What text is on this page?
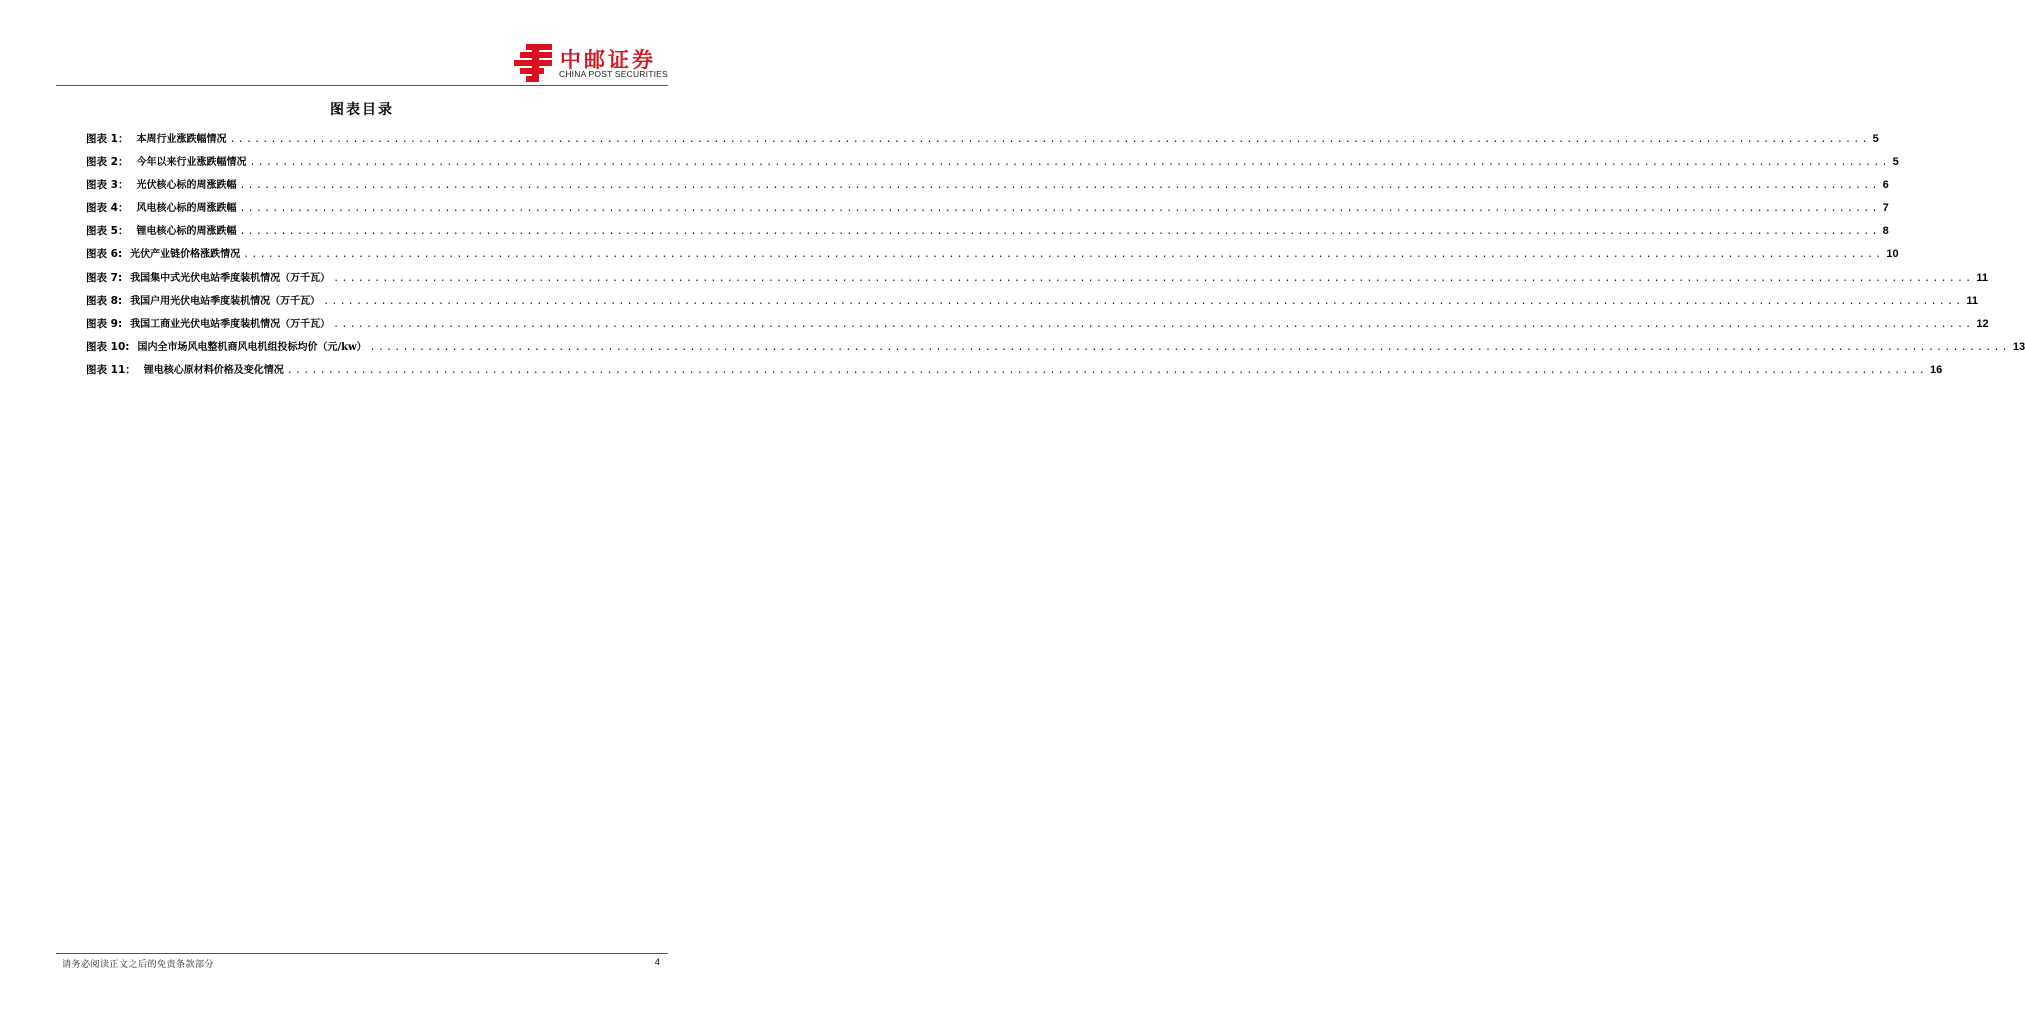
中邮证券
CHINA POST SECURITIES
图表目录
图表 1： 本周行业涨跌幅情况 ........................................................................................................................................................................................................ 5
图表 2： 今年以来行业涨跌幅情况 ........................................................................................................................................................................................................ 5
图表 3： 光伏核心标的周涨跌幅 ........................................................................................................................................................................................................ 6
图表 4： 风电核心标的周涨跌幅 ........................................................................................................................................................................................................ 7
图表 5： 锂电核心标的周涨跌幅 ........................................................................................................................................................................................................ 8
图表 6: 光伏产业链价格涨跌情况 ........................................................................................................................................................................................................ 10
图表 7: 我国集中式光伏电站季度装机情况（万千瓦） ........................................................................................................................................................................................................ 11
图表 8: 我国户用光伏电站季度装机情况（万千瓦） ........................................................................................................................................................................................................ 11
图表 9: 我国工商业光伏电站季度装机情况（万千瓦） ........................................................................................................................................................................................................ 12
图表 10: 国内全市场风电整机商风电机组投标均价（元/kw） ........................................................................................................................................................................................................ 13
图表 11： 锂电核心原材料价格及变化情况 ........................................................................................................................................................................................................ 16
请务必阅读正文之后的免责条款部分	4
